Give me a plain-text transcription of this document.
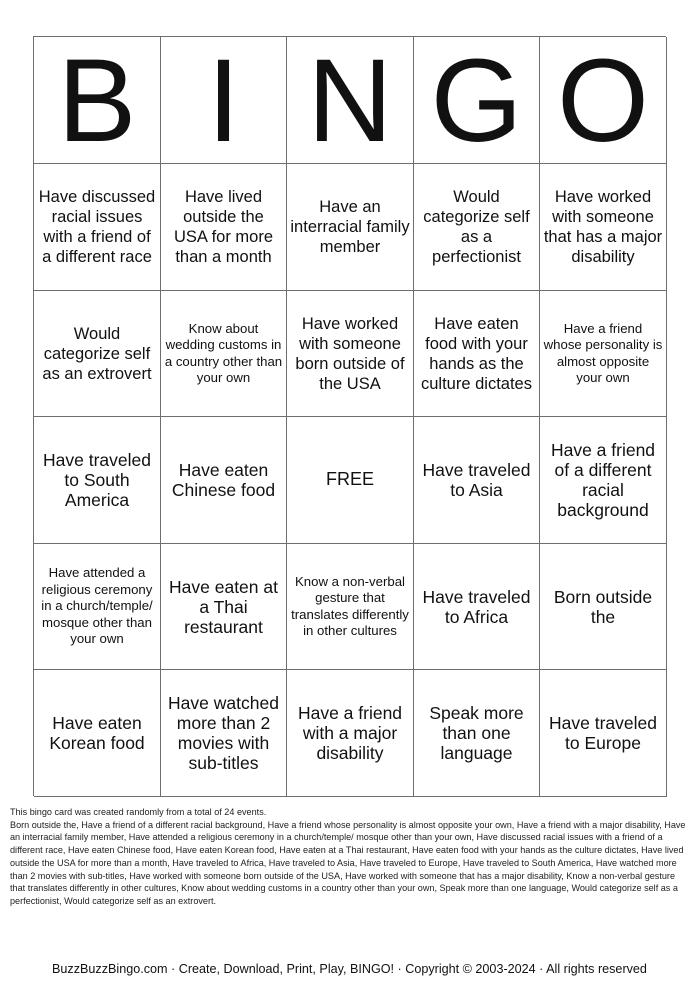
B I N G O
Have discussed racial issues with a friend of a different race
Have lived outside the USA for more than a month
Have an interracial family member
Would categorize self as a perfectionist
Have worked with someone that has a major disability
Would categorize self as an extrovert
Know about wedding customs in a country other than your own
Have worked with someone born outside of the USA
Have eaten food with your hands as the culture dictates
Have a friend whose personality is almost opposite your own
Have traveled to South America
Have eaten Chinese food
FREE	Have traveled to Asia
Have a friend of a different racial background
Have attended a religious ceremony in a church/temple/ mosque other than your own
Have eaten at a Thai restaurant
Know a non-verbal gesture that translates differently in other cultures
Have traveled to Africa
Born outside the
Have eaten Korean food
Have watched more than 2 movies with sub-titles
Have a friend with a major disability
Speak more than one language
Have traveled to Europe

This bingo card was created randomly from a total of 24 events.

Born outside the, Have a friend of a different racial background, Have a friend whose personality is almost opposite your own, Have a friend with a major disability, Have an interracial family member, Have attended a religious ceremony in a church/temple/ mosque other than your own, Have discussed racial issues with a friend of a different race, Have eaten Chinese food, Have eaten Korean food, Have eaten at a Thai restaurant, Have eaten food with your hands as the culture dictates, Have lived outside the USA for more than a month, Have traveled to Africa, Have traveled to Asia, Have traveled to Europe, Have traveled to South America, Have watched more than 2 movies with sub-titles, Have worked with someone born outside of the USA, Have worked with someone that has a major disability, Know a non-verbal gesture that translates differently in other cultures, Know about wedding customs in a country other than your own, Speak more than one language, Would categorize self as a perfectionist, Would categorize self as an extrovert.

BuzzBuzzBingo.com · Create, Download, Print, Play, BINGO! · Copyright © 2003-2024 · All rights reserved
